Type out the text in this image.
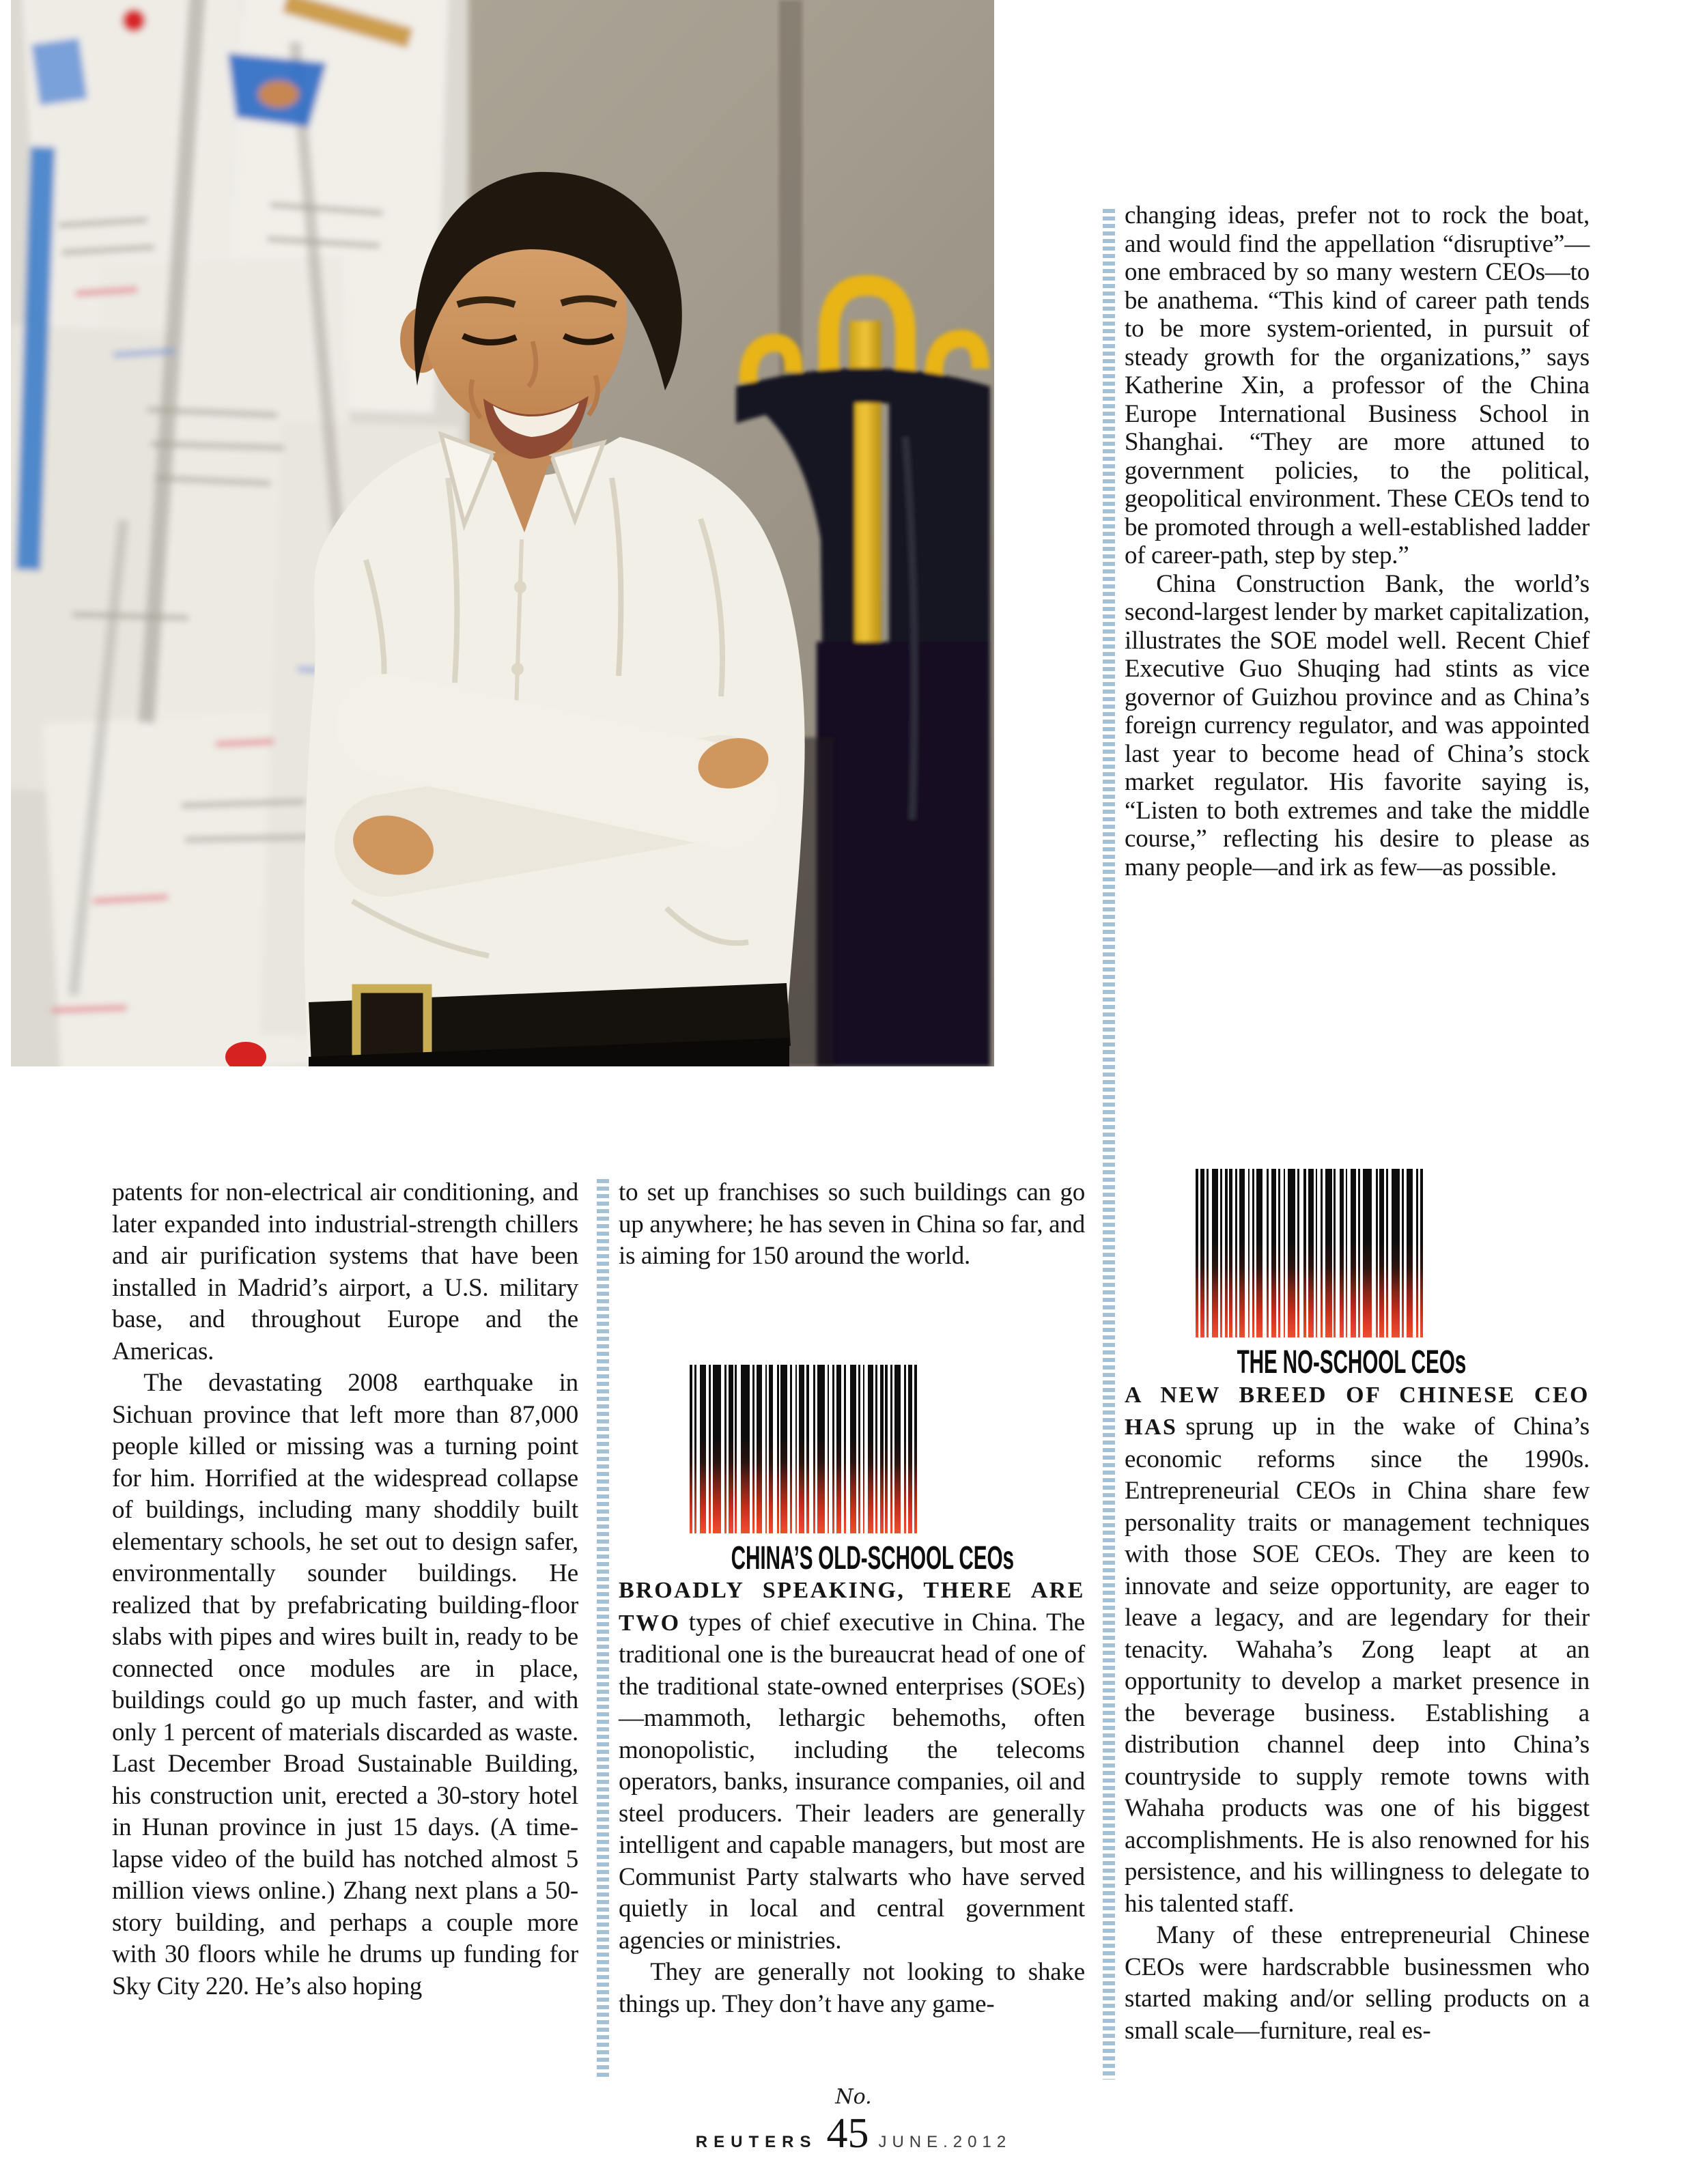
changing ideas, prefer not to rock the boat, and would find the appellation “disruptive”—one embraced by so many western CEOs—to be anathema. “This kind of career path tends to be more system-oriented, in pursuit of steady growth for the organizations,” says Katherine Xin, a professor of the China Europe International Business School in Shanghai. “They are more attuned to government policies, to the political, geopolitical environment. These CEOs tend to be promoted through a well-established ladder of career-path, step by step.”

China Construction Bank, the world’s second-largest lender by market capitalization, illustrates the SOE model well. Recent Chief Executive Guo Shuqing had stints as vice governor of Guizhou province and as China’s foreign currency regulator, and was appointed last year to become head of China’s stock market regulator. His favorite saying is, “Listen to both extremes and take the middle course,” reflecting his desire to please as many people—and irk as few—as possible.

patents for non-electrical air conditioning, and later expanded into industrial-strength chillers and air purification systems that have been installed in Madrid’s airport, a U.S. military base, and throughout Europe and the Americas.

The devastating 2008 earthquake in Sichuan province that left more than 87,000 people killed or missing was a turning point for him. Horrified at the widespread collapse of buildings, including many shoddily built elementary schools, he set out to design safer, environmentally sounder buildings. He realized that by prefabricating building-floor slabs with pipes and wires built in, ready to be connected once modules are in place, buildings could go up much faster, and with only 1 percent of materials discarded as waste. Last December Broad Sustainable Building, his construction unit, erected a 30-story hotel in Hunan province in just 15 days. (A time-lapse video of the build has notched almost 5 million views online.) Zhang next plans a 50-story building, and perhaps a couple more with 30 floors while he drums up funding for Sky City 220. He’s also hoping

to set up franchises so such buildings can go up anywhere; he has seven in China so far, and is aiming for 150 around the world.

CHINA’S OLD-SCHOOL CEOs

BROADLY SPEAKING, THERE ARE TWO types of chief executive in China. The traditional one is the bureaucrat head of one of the traditional state-owned enterprises (SOEs)—mammoth, lethargic behemoths, often monopolistic, including the telecoms operators, banks, insurance companies, oil and steel producers. Their leaders are generally intelligent and capable managers, but most are Communist Party stalwarts who have served quietly in local and central government agencies or ministries.

They are generally not looking to shake things up. They don’t have any game-

THE NO-SCHOOL CEOs

A NEW BREED OF CHINESE CEO HAS sprung up in the wake of China’s economic reforms since the 1990s. Entrepreneurial CEOs in China share few personality traits or management techniques with those SOE CEOs. They are keen to innovate and seize opportunity, are eager to leave a legacy, and are legendary for their tenacity. Wahaha’s Zong leapt at an opportunity to develop a market presence in the beverage business. Establishing a distribution channel deep into China’s countryside to supply remote towns with Wahaha products was one of his biggest accomplishments. He is also renowned for his persistence, and his willingness to delegate to his talented staff.

Many of these entrepreneurial Chinese CEOs were hardscrabble businessmen who started making and/or selling products on a small scale—furniture, real es-

No.
REUTERS 45 JUNE.2012
